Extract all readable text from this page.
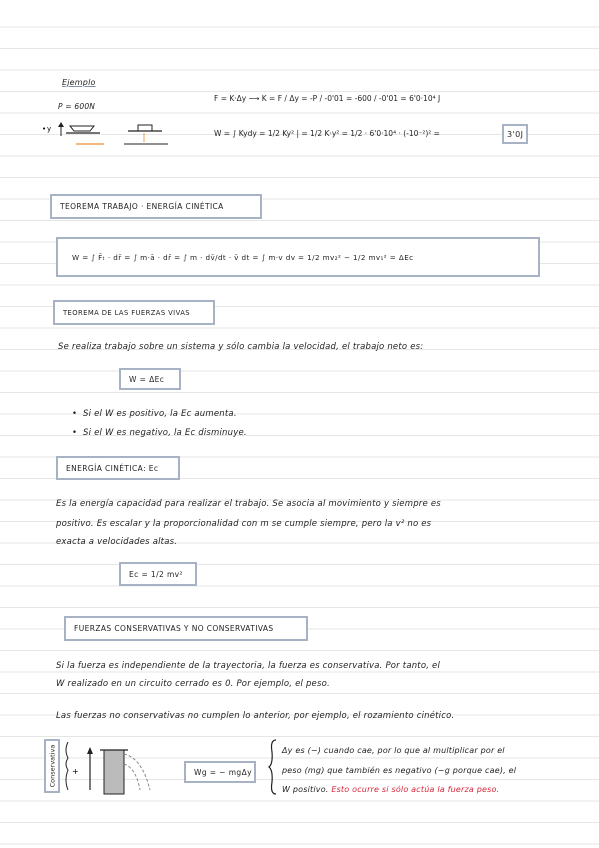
Ejemplo
P = 600N
• y
F = K·Δy ⟶ K = F / Δy = -P / -0'01 = -600 / -0'01 = 6'0·10⁴ J
W = ∫ Kydy = 1/2 Ky² | = 1/2 K·y² = 1/2 · 6'0·10⁴ · (-10⁻²)² =	3'0J
TEOREMA TRABAJO · ENERGÍA CINÉTICA
W = ∫ F̄ₜ · dr̄ = ∫ m·ā · dr̄ = ∫ m · dv̄/dt · v̄ dt = ∫ m·v dv = 1/2 mv₂² − 1/2 mv₁² = ΔEc
TEOREMA DE LAS FUERZAS VIVAS
Se realiza trabajo sobre un sistema y sólo cambia la velocidad, el trabajo neto es:
W = ΔEc
•  Si el W es positivo, la Ec aumenta.
•  Si el W es negativo, la Ec disminuye.
ENERGÍA CINÉTICA: Ec
Es la energía capacidad para realizar el trabajo. Se asocia al movimiento y siempre es
positivo. Es escalar y la proporcionalidad con m se cumple siempre, pero la v² no es
exacta a velocidades altas.
Ec = 1/2 mv²
FUERZAS CONSERVATIVAS Y NO CONSERVATIVAS
Si la fuerza es independiente de la trayectoria, la fuerza es conservativa. Por tanto, el
W realizado en un circuito cerrado es 0. Por ejemplo, el peso.
Las fuerzas no conservativas no cumplen lo anterior, por ejemplo, el rozamiento cinético.
Conservativa +	Wg = − mgΔy
Δy es (−) cuando cae, por lo que al multiplicar por el
peso (mg) que también es negativo (−g porque cae), el
W positivo. Esto ocurre si sólo actúa la fuerza peso.
